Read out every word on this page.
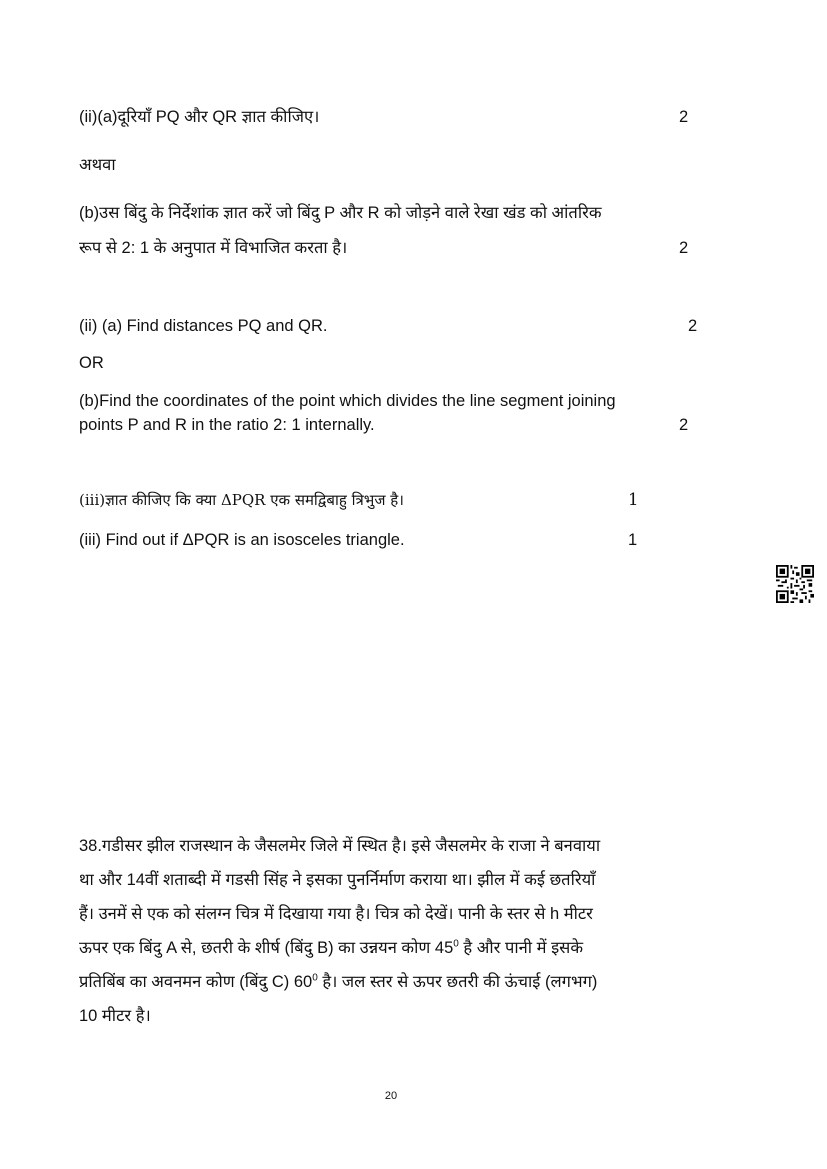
(ii)(a)दूरियाँ PQ और QR ज्ञात कीजिए।	2
अथवा
(b)उस बिंदु के निर्देशांक ज्ञात करें जो बिंदु P और R को जोड़ने वाले रेखा खंड को आंतरिक
रूप से 2: 1 के अनुपात में विभाजित करता है।	2
(ii) (a) Find distances PQ and QR.	2
OR
(b)Find the coordinates of the point which divides the line segment joining
points P and R in the ratio 2: 1 internally.	2
(iii)ज्ञात कीजिए कि क्या ΔPQR एक समद्विबाहु त्रिभुज है।	1
(iii) Find out if ΔPQR is an isosceles triangle.	1
38.गडीसर झील राजस्थान के जैसलमेर जिले में स्थित है। इसे जैसलमेर के राजा ने बनवाया
था और 14वीं शताब्दी में गडसी सिंह ने इसका पुनर्निर्माण कराया था। झील में कई छतरियाँ
हैं। उनमें से एक को संलग्न चित्र में दिखाया गया है। चित्र को देखें। पानी के स्तर से h मीटर
ऊपर एक बिंदु A से, छतरी के शीर्ष (बिंदु B) का उन्नयन कोण $45^0$ है और पानी में इसके
प्रतिबिंब का अवनमन कोण (बिंदु C) $60^0$ है। जल स्तर से ऊपर छतरी की ऊंचाई (लगभग)
10 मीटर है।
20
